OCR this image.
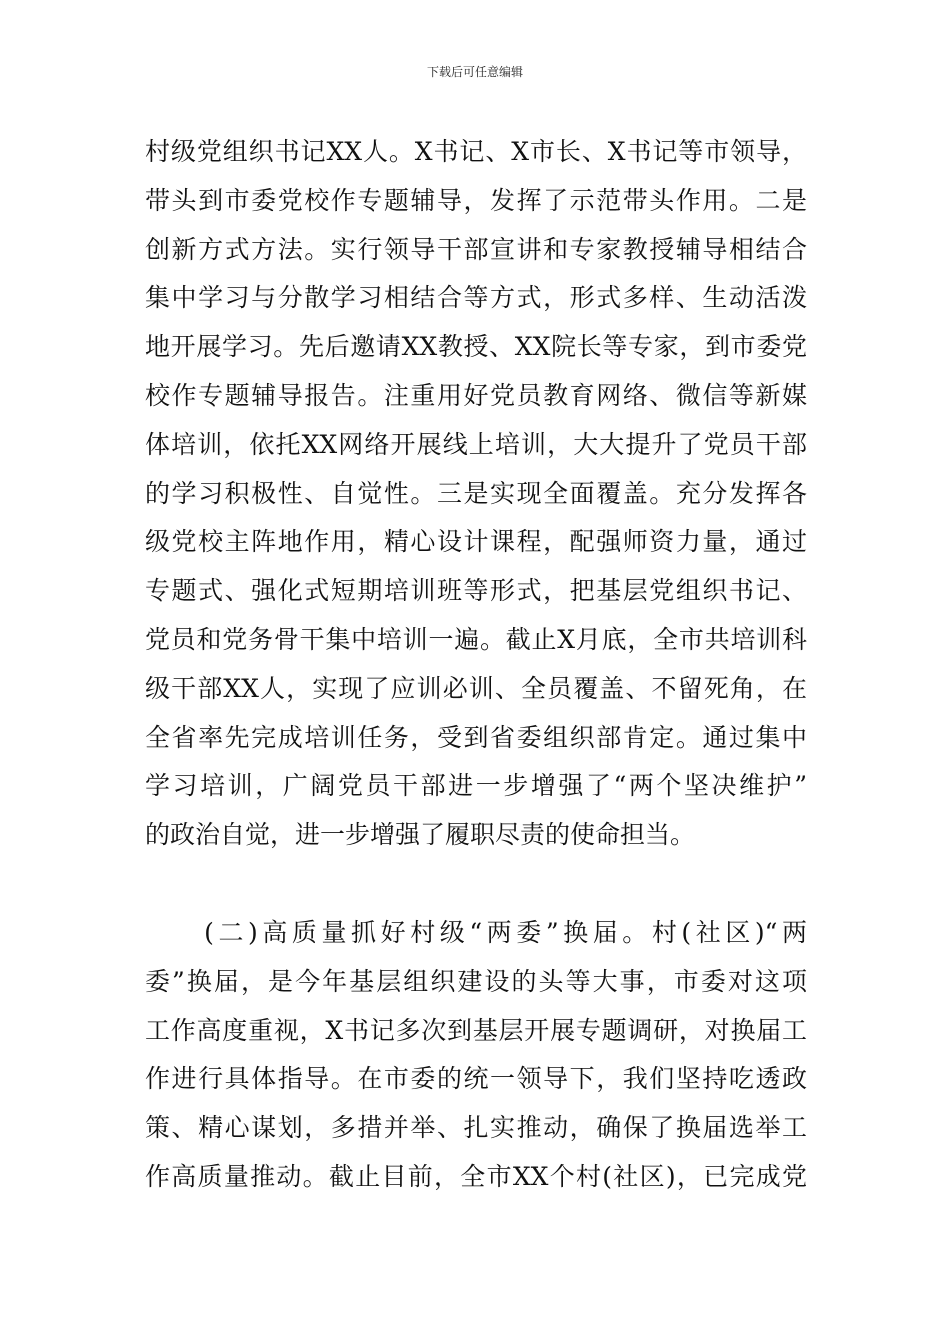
下载后可任意编辑
村级党组织书记XX人。X书记、X市长、X书记等市领导，
带头到市委党校作专题辅导，发挥了示范带头作用。二是
创新方式方法。实行领导干部宣讲和专家教授辅导相结合
集中学习与分散学习相结合等方式，形式多样、生动活泼
地开展学习。先后邀请XX教授、XX院长等专家，到市委党
校作专题辅导报告。注重用好党员教育网络、微信等新媒
体培训，依托XX网络开展线上培训，大大提升了党员干部
的学习积极性、自觉性。三是实现全面覆盖。充分发挥各
级党校主阵地作用，精心设计课程，配强师资力量，通过
专题式、强化式短期培训班等形式，把基层党组织书记、
党员和党务骨干集中培训一遍。截止X月底，全市共培训科
级干部XX人，实现了应训必训、全员覆盖、不留死角，在
全省率先完成培训任务，受到省委组织部肯定。通过集中
学习培训，广阔党员干部进一步增强了“两个坚决维护”
的政治自觉，进一步增强了履职尽责的使命担当。
　　(二)高质量抓好村级“两委”换届。村(社区)“两
委”换届，是今年基层组织建设的头等大事，市委对这项
工作高度重视，X书记多次到基层开展专题调研，对换届工
作进行具体指导。在市委的统一领导下，我们坚持吃透政
策、精心谋划，多措并举、扎实推动，确保了换届选举工
作高质量推动。截止目前，全市XX个村(社区)，已完成党
